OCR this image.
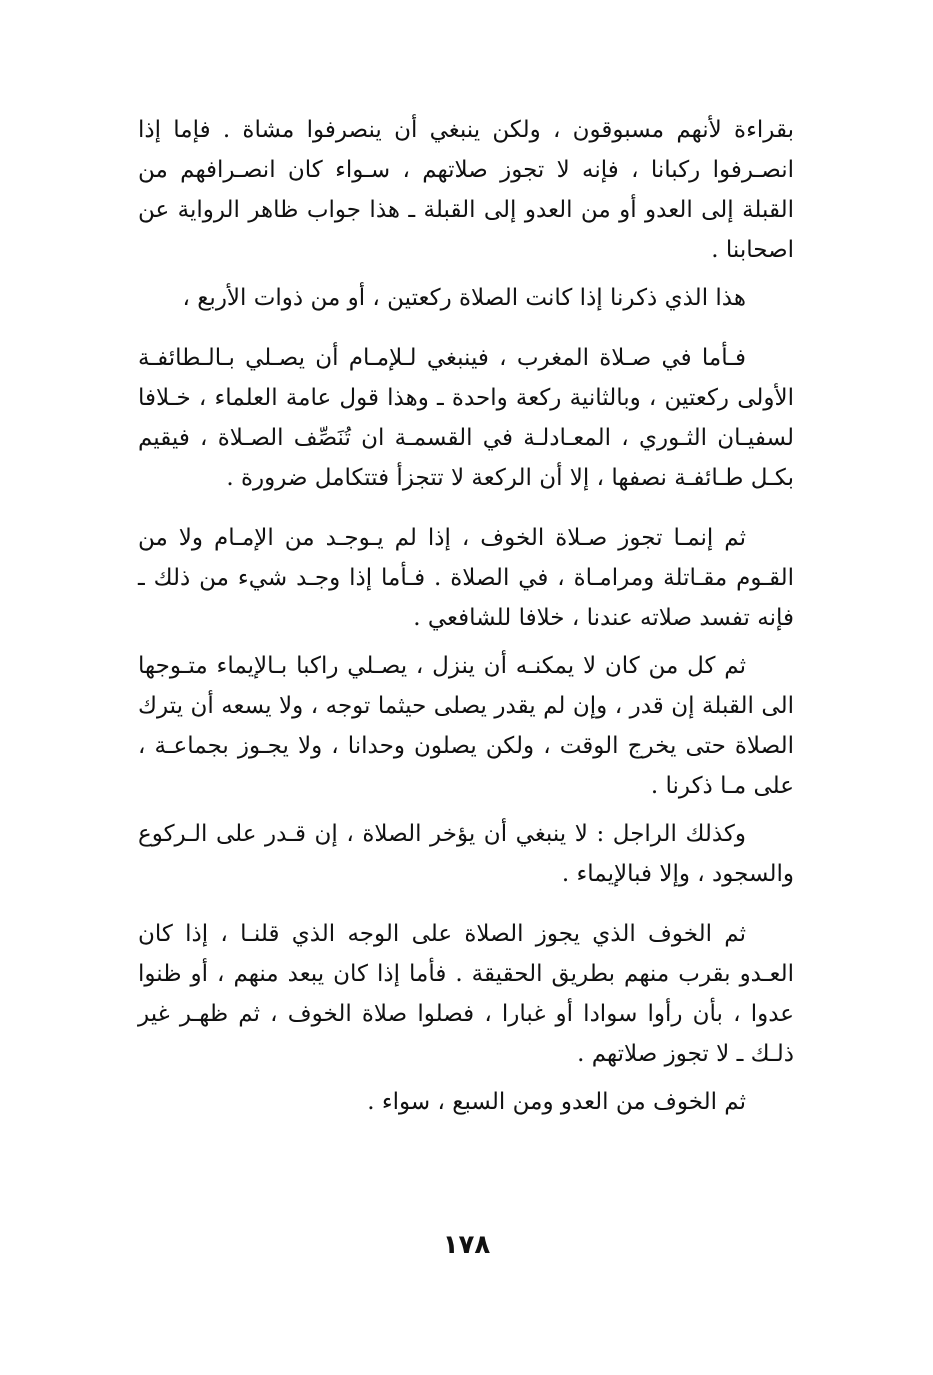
بقراءة لأنهم مسبوقون ، ولكن ينبغي أن ينصرفوا مشاة . فإما إذا انصـرفوا ركبانا ، فإنه لا تجوز صلاتهم ، سـواء كان انصـرافهم من القبلة إلى العدو أو من العدو إلى القبلة ـ هذا جواب ظاهر الرواية عن اصحابنا .

هذا الذي ذكرنا إذا كانت الصلاة ركعتين ، أو من ذوات الأربع ،

فـأما في صـلاة المغرب ، فينبغي لـلإمـام أن يصـلي بـالـطائفـة الأولى ركعتين ، وبالثانية ركعة واحدة ـ وهذا قول عامة العلماء ، خـلافا لسفيـان الثـوري ، المعـادلـة في القسمـة ان تُنَصِّف الصـلاة ، فيقيم بكـل طـائفـة نصفها ، إلا أن الركعة لا تتجزأ فتتكامل ضرورة .

ثم إنمـا تجوز صـلاة الخوف ، إذا لم يـوجـد من الإمـام ولا من القـوم مقـاتلة ومرامـاة ، في الصلاة . فـأما إذا وجـد شيء من ذلك ـ فإنه تفسد صلاته عندنا ، خلافا للشافعي .

ثم كل من كان لا يمكنـه أن ينزل ، يصـلي راكبا بـالإيماء متـوجها الى القبلة إن قدر ، وإن لم يقدر يصلى حيثما توجه ، ولا يسعه أن يترك الصلاة حتى يخرج الوقت ، ولكن يصلون وحدانا ، ولا يجـوز بجماعـة ، على مـا ذكرنا .

وكذلك الراجل : لا ينبغي أن يؤخر الصلاة ، إن قـدر على الـركوع والسجود ، وإلا فبالإيماء .

ثم الخوف الذي يجوز الصلاة على الوجه الذي قلنـا ، إذا كان العـدو بقرب منهم بطريق الحقيقة . فأما إذا كان يبعد منهم ، أو ظنوا عدوا ، بأن رأوا سوادا أو غبارا ، فصلوا صلاة الخوف ، ثم ظهـر غير ذلـك ـ لا تجوز صلاتهم .

ثم الخوف من العدو ومن السبع ، سواء .

١٧٨
